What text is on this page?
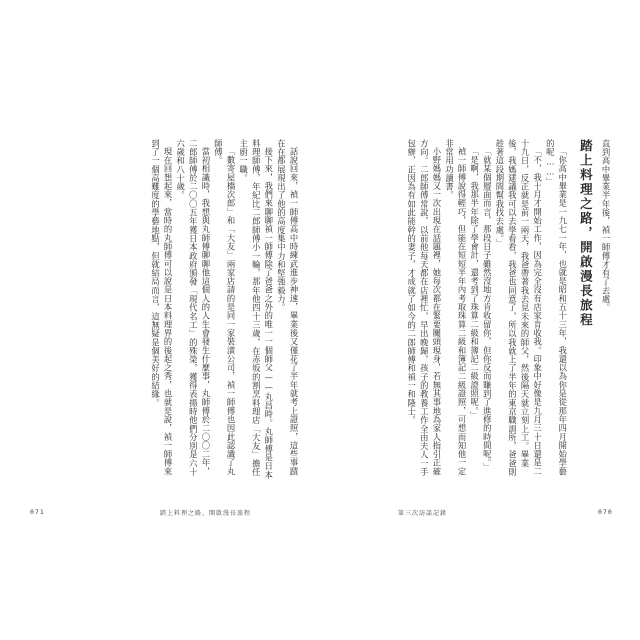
話說回來，禎一師傅高中時練武進步神速，畢業後又僅花了半年就考上證照，這些事蹟在在都展現出了他的高度集中力和堅強毅力。

接下來，我們來聊聊禎一師傅除了爸爸之外的唯一一個師父——丸昌時。丸師傅是日本料理師傅，年紀比二郎師傅小一輪，那年他四十三歲，在赤坂的割烹料理店「大友」擔任主廚一職。

「數寄屋橋次郎」和「大友」兩家店請的是同一家裝潢公司，禎一師傅也因此認識了丸師傅。

當初相識時，我想與丸師傅聊聊他這個人的人生會發生什麼事，丸師傅於二〇〇二年，二郎師傅於二〇〇五年獲日本政府頒發「現代名工」的殊榮，獲得表揚時他們分別是六十六歲和八十歲。

現在回想起來，當時的丸師傅可以說是日本料理界的後起之秀，也就是說，禎一師傅來到了一個高難度的學藝地點，但就結局而言，這無疑是個美好的結緣。

071	踏上料理之路，開啟漫長旅程

直到高中畢業半年後，禎一師傅才有了去處。

踏上料理之路，開啟漫長旅程

「你高中畢業是一九七一年，也就是昭和五十三年，我還以為你是從那年四月開始學藝的呢……」

「不，我十月才開始工作，因為完全沒有店家肯收我。印象中好像是九月三十日還是二十九日，反正就是前一兩天，我爸帶著我去見未來的師父，然後隔天就立刻上工。畢業後，我媽建議我可以去學看看，我爸也同意了，所以我就上了半年的東京職訓所，爸爸則趁著這段期間幫我找去處。」

「就某個層面而言，那段日子雖然沒地方肯收留你，但你反而賺到了進修的時間呢。」

「是啊，我那半年除了學會計，還考到了珠算二級和簿記二級證照呢。」

禎一師傅說得輕巧，但能在短短半年內考取珠算二級和簿記二級證照，可想而知他一定非常用功讀書。

小野媽媽又一次出現在話題裡，她每次都在緊要關頭現身，若無其事地為家人指引正確方向。二郎師傅常說，以前他每天都在店裡忙，早出晚歸，孩子的教養工作全由夫人一手包辦，正因為有如此能幹的妻子，才成就了如今的二郎師傅和禎一和隆士。

第三次訪談記錄	070
